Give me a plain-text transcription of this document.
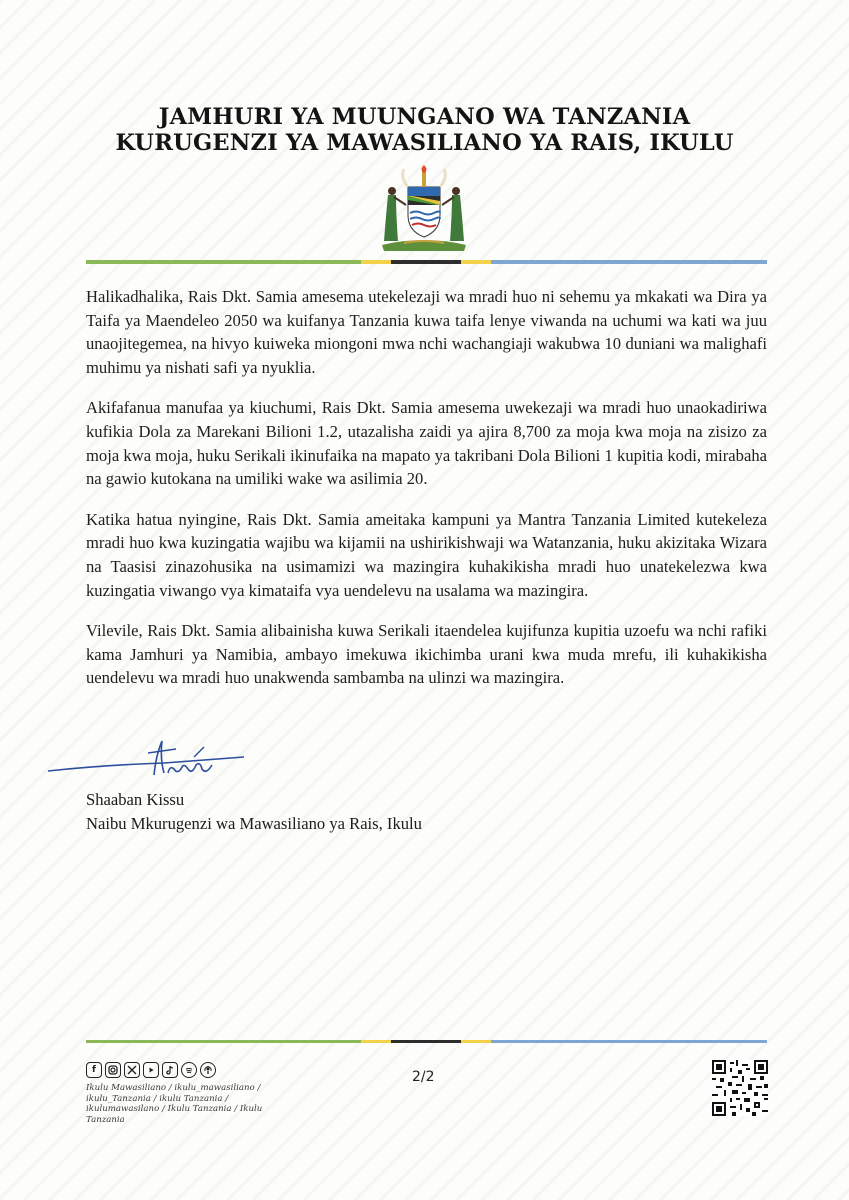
JAMHURI YA MUUNGANO WA TANZANIA
KURUGENZI YA MAWASILIANO YA RAIS, IKULU

Halikadhalika, Rais Dkt. Samia amesema utekelezaji wa mradi huo ni sehemu ya mkakati wa Dira ya Taifa ya Maendeleo 2050 wa kuifanya Tanzania kuwa taifa lenye viwanda na uchumi wa kati wa juu unaojitegemea, na hivyo kuiweka miongoni mwa nchi wachangiaji wakubwa 10 duniani wa malighafi muhimu ya nishati safi ya nyuklia.

Akifafanua manufaa ya kiuchumi, Rais Dkt. Samia amesema uwekezaji wa mradi huo unaokadiriwa kufikia Dola za Marekani Bilioni 1.2, utazalisha zaidi ya ajira 8,700 za moja kwa moja na zisizo za moja kwa moja, huku Serikali ikinufaika na mapato ya takribani Dola Bilioni 1 kupitia kodi, mirabaha na gawio kutokana na umiliki wake wa asilimia 20.

Katika hatua nyingine, Rais Dkt. Samia ameitaka kampuni ya Mantra Tanzania Limited kutekeleza mradi huo kwa kuzingatia wajibu wa kijamii na ushirikishwaji wa Watanzania, huku akizitaka Wizara na Taasisi zinazohusika na usimamizi wa mazingira kuhakikisha mradi huo unatekelezwa kwa kuzingatia viwango vya kimataifa vya uendelevu na usalama wa mazingira.

Vilevile, Rais Dkt. Samia alibainisha kuwa Serikali itaendelea kujifunza kupitia uzoefu wa nchi rafiki kama Jamhuri ya Namibia, ambayo imekuwa ikichimba urani kwa muda mrefu, ili kuhakikisha uendelevu wa mradi huo unakwenda sambamba na ulinzi wa mazingira.

Shaaban Kissu
Naibu Mkurugenzi wa Mawasiliano ya Rais, Ikulu
f
Ikulu Mawasiliano / ikulu_mawasiliano / ikulu_Tanzania / ikulu Tanzania / ikulumawasilano / Ikulu Tanzania / Ikulu Tanzania
2/2
